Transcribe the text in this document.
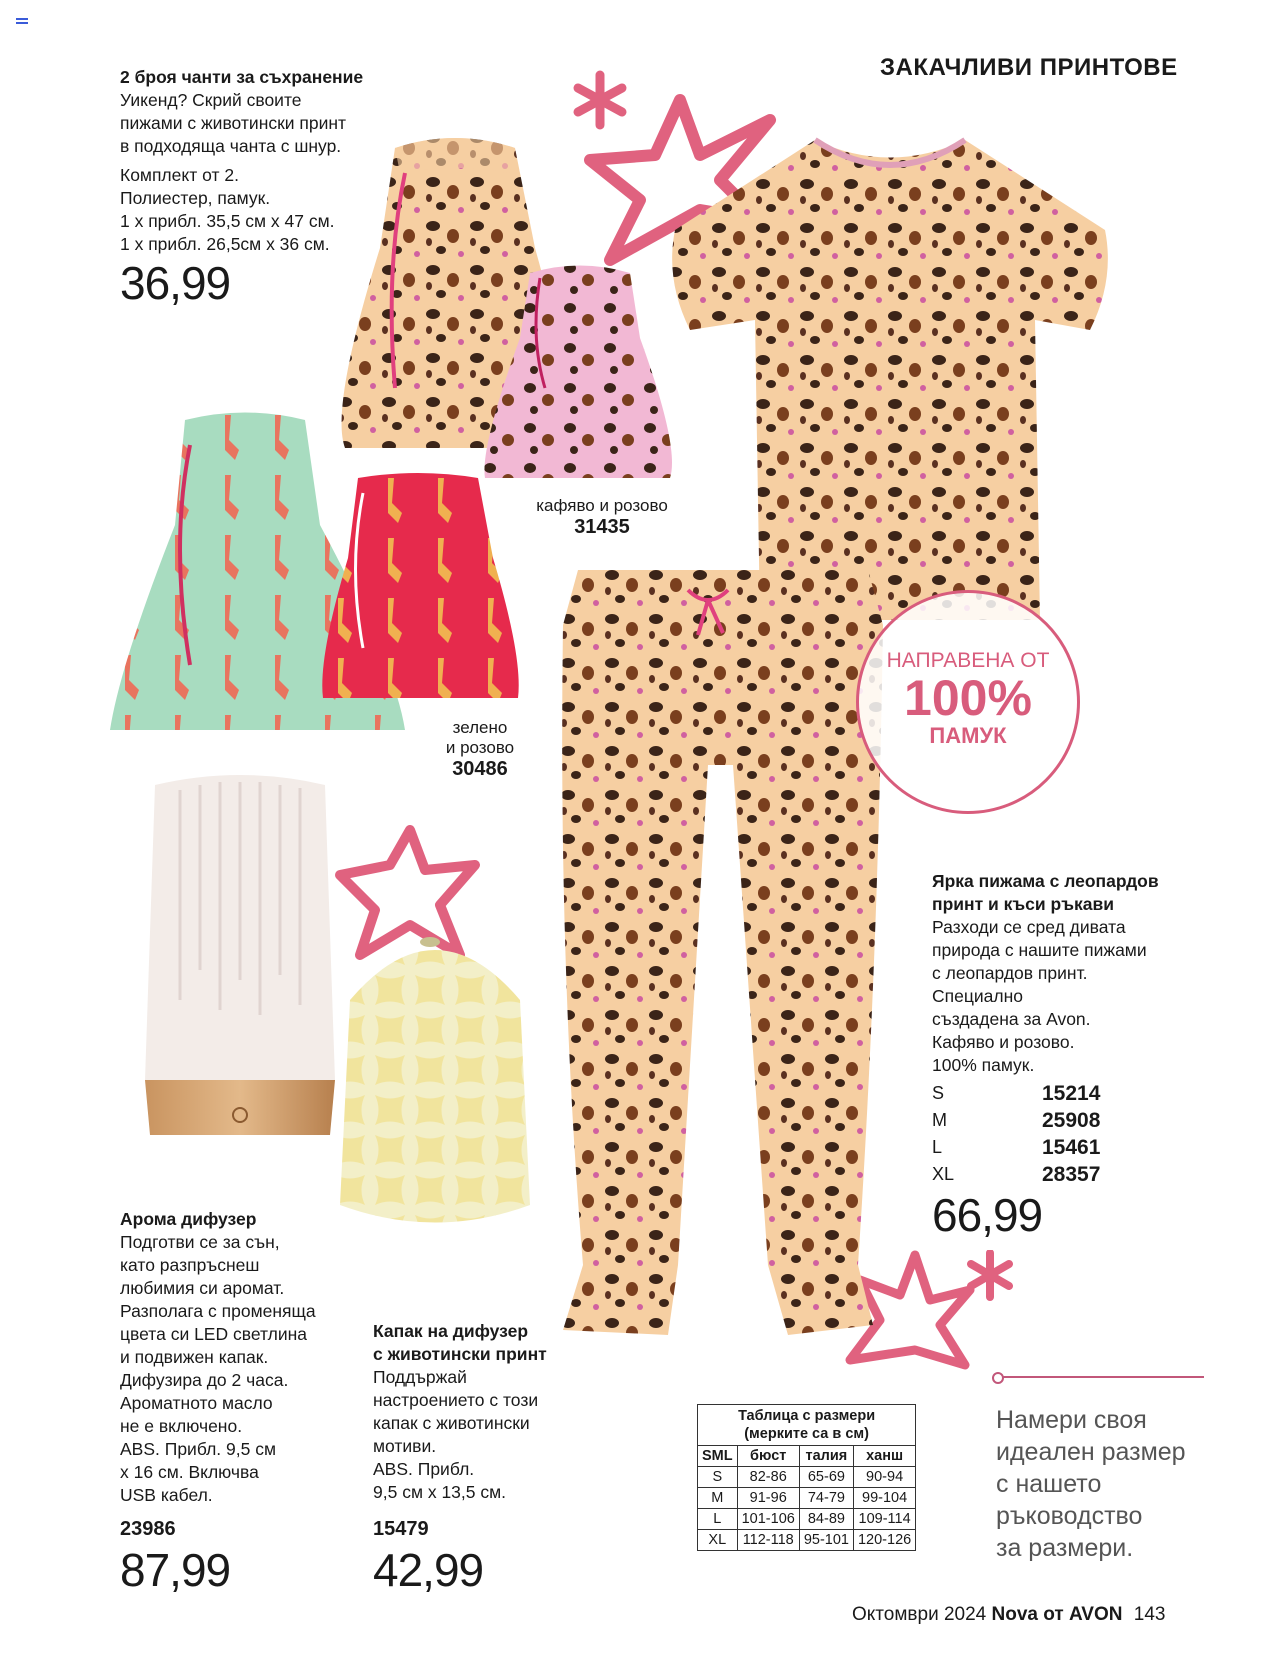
ЗАКАЧЛИВИ ПРИНТОВЕ
кафяво и розово
31435
зелено
и розово
30486
НАПРАВЕНА ОТ
100%
ПАМУК
2 броя чанти за съхранение
Уикенд? Скрий своите
пижами с животински принт
в подходяща чанта с шнур.
Комплект от 2.
Полиестер, памук.
1 x прибл. 35,5 см x 47 см.
1 x прибл. 26,5см x 36 см.
36,99
Ярка пижама с леопардов
принт и къси ръкави
Разходи се сред дивата
природа с нашите пижами
с леопардов принт.
Специално
създадена за Avon.
Кафяво и розово.
100% памук.
S	15214
M	25908
L	15461
XL	28357
66,99
Арома дифузер
Подготви се за сън,
като разпръснеш
любимия си аромат.
Разполага с променяща
цвета си LED светлина
и подвижен капак.
Дифузира до 2 часа.
Ароматното масло
не е включено.
ABS. Прибл. 9,5 см
x 16 см. Включва
USB кабел.
23986
87,99
Капак на дифузер
с животински принт
Поддържай
настроението с този
капак с животински
мотиви.
ABS. Прибл.
9,5 см x 13,5 см.
15479
42,99
Таблица с размери
(мерките са в см)			

SML	бюст	талия	ханш
S	82-86	65-69	90-94
M	91-96	74-79	99-104
L	101-106	84-89	109-114
XL	112-118	95-101	120-126
Намери своя
идеален размер
с нашето
ръководство
за размери.
Октомври 2024 Nova от AVON 143
